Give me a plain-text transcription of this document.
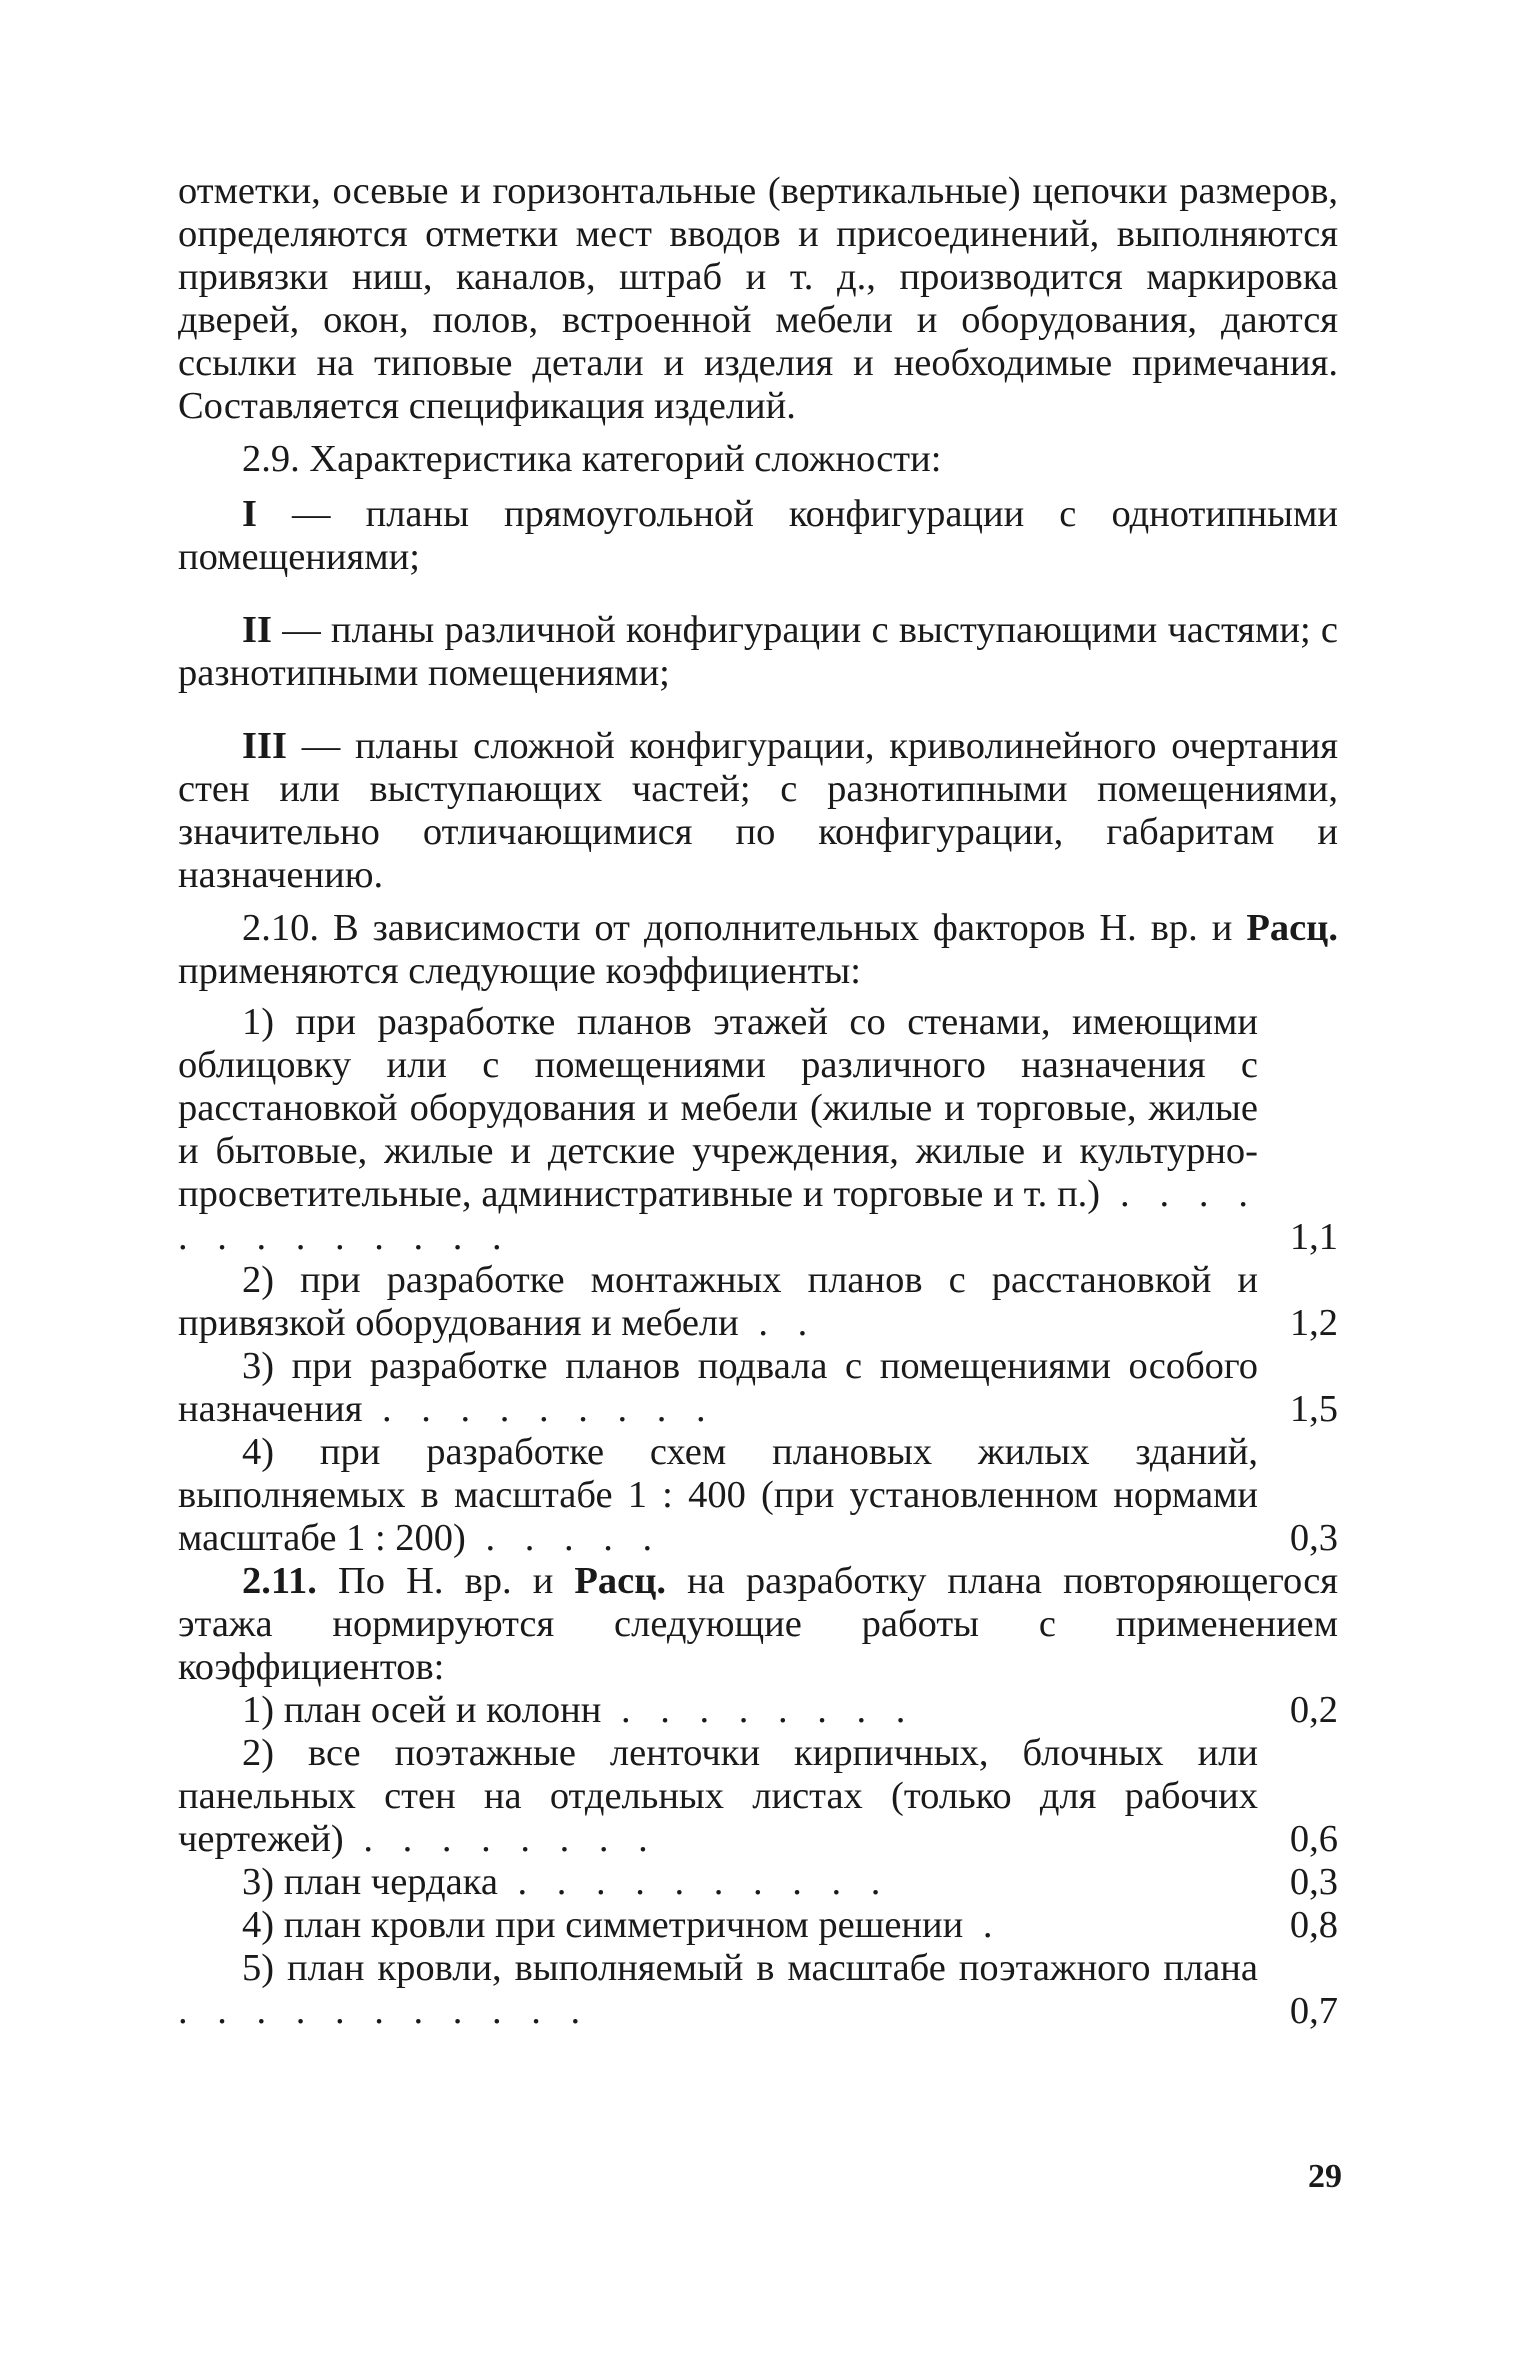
отметки, осевые и горизонтальные (вертикальные) цепочки размеров, определяются отметки мест вводов и присоединений, выполняются привязки ниш, каналов, штраб и т. д., производится маркировка дверей, окон, полов, встроенной мебели и оборудования, даются ссылки на типовые детали и изделия и необходимые примечания. Составляется спецификация изделий.

2.9. Характеристика категорий сложности:

I — планы прямоугольной конфигурации с однотипными помещениями;

II — планы различной конфигурации с выступающими частями; с разнотипными помещениями;

III — планы сложной конфигурации, криволинейного очертания стен или выступающих частей; с разнотипными помещениями, значительно отличающимися по конфигурации, габаритам и назначению.

2.10. В зависимости от дополнительных факторов Н. вр. и Расц. применяются следующие коэффициенты:

1) при разработке планов этажей со стенами, имеющими облицовку или с помещениями различного назначения с расстановкой оборудования и мебели (жилые и торговые, жилые и бытовые, жилые и детские учреждения, жилые и культурно-просветительные, административные и торговые и т. п.) . . . . . . . . . . . . .	1,1
2) при разработке монтажных планов с расстановкой и привязкой оборудования и мебели . .	1,2
3) при разработке планов подвала с помещениями особого назначения . . . . . . . . .	1,5
4) при разработке схем плановых жилых зданий, выполняемых в масштабе 1 : 400 (при установленном нормами масштабе 1 : 200) . . . . .	0,3

2.11. По Н. вр. и Расц. на разработку плана повторяющегося этажа нормируются следующие работы с применением коэффициентов:

1) план осей и колонн . . . . . . . .	0,2
2) все поэтажные ленточки кирпичных, блочных или панельных стен на отдельных листах (только для рабочих чертежей) . . . . . . . .	0,6
3) план чердака . . . . . . . . . .	0,3
4) план кровли при симметричном решении .	0,8
5) план кровли, выполняемый в масштабе поэтажного плана . . . . . . . . . . .	0,7
29
